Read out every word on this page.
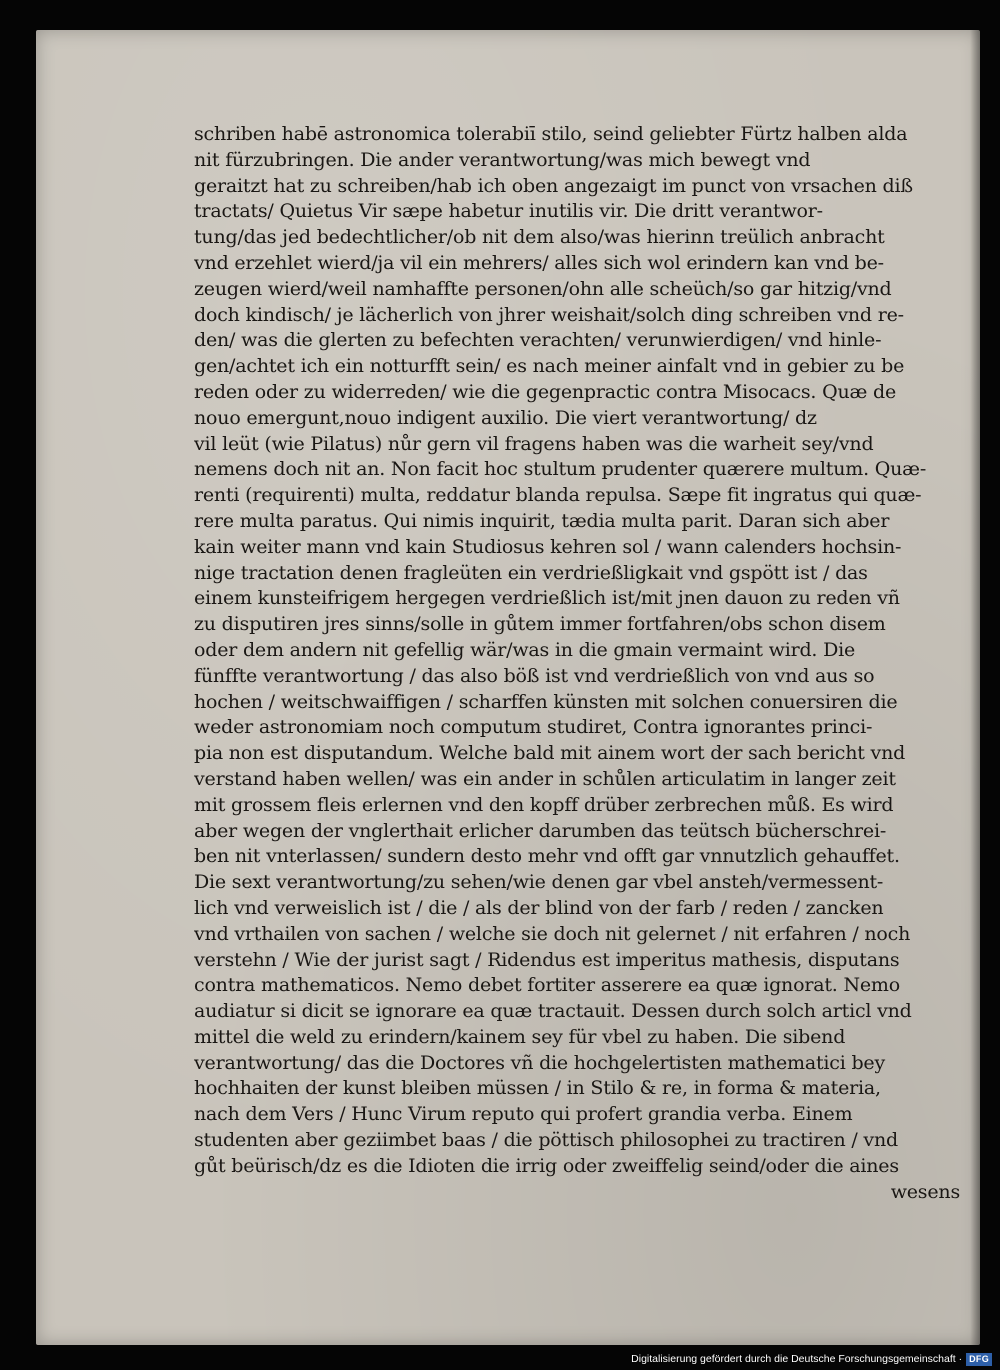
schriben habē astronomica tolerabiī stilo, seind geliebter Fürtz halben alda
nit fürzubringen. Die ander verantwortung/was mich bewegt vnd
geraitzt hat zu schreiben/hab ich oben angezaigt im punct von vrsachen diß
tractats/ Quietus Vir sæpe habetur inutilis vir. Die dritt verantwor-
tung/das jed bedechtlicher/ob nit dem also/was hierinn treülich anbracht
vnd erzehlet wierd/ja vil ein mehrers/ alles sich wol erindern kan vnd be-
zeugen wierd/weil namhaffte personen/ohn alle scheüch/so gar hitzig/vnd
doch kindisch/ je lächerlich von jhrer weishait/solch ding schreiben vnd re-
den/ was die glerten zu befechten verachten/ verunwierdigen/ vnd hinle-
gen/achtet ich ein notturfft sein/ es nach meiner ainfalt vnd in gebier zu be
reden oder zu widerreden/ wie die gegenpractic contra Misocacs. Quæ de
nouo emergunt,nouo indigent auxilio. Die viert verantwortung/ dz
vil leüt (wie Pilatus) nůr gern vil fragens haben was die warheit sey/vnd
nemens doch nit an. Non facit hoc stultum prudenter quærere multum. Quæ-
renti (requirenti) multa, reddatur blanda repulsa. Sæpe fit ingratus qui quæ-
rere multa paratus. Qui nimis inquirit, tædia multa parit. Daran sich aber
kain weiter mann vnd kain Studiosus kehren sol / wann calenders hochsin-
nige tractation denen fragleüten ein verdrießligkait vnd gspött ist / das
einem kunsteifrigem hergegen verdrießlich ist/mit jnen dauon zu reden vñ
zu disputiren jres sinns/solle in gůtem immer fortfahren/obs schon disem
oder dem andern nit gefellig wär/was in die gmain vermaint wird. Die
fünffte verantwortung / das also böß ist vnd verdrießlich von vnd aus so
hochen / weitschwaiffigen / scharffen künsten mit solchen conuersiren die
weder astronomiam noch computum studiret, Contra ignorantes princi-
pia non est disputandum. Welche bald mit ainem wort der sach bericht vnd
verstand haben wellen/ was ein ander in schůlen articulatim in langer zeit
mit grossem fleis erlernen vnd den kopff drüber zerbrechen můß. Es wird
aber wegen der vnglerthait erlicher darumben das teütsch bücherschrei-
ben nit vnterlassen/ sundern desto mehr vnd offt gar vnnutzlich gehauffet.
Die sext verantwortung/zu sehen/wie denen gar vbel ansteh/vermessent-
lich vnd verweislich ist / die / als der blind von der farb / reden / zancken
vnd vrthailen von sachen / welche sie doch nit gelernet / nit erfahren / noch
verstehn / Wie der jurist sagt / Ridendus est imperitus mathesis, disputans
contra mathematicos. Nemo debet fortiter asserere ea quæ ignorat. Nemo
audiatur si dicit se ignorare ea quæ tractauit. Dessen durch solch articl vnd
mittel die weld zu erindern/kainem sey für vbel zu haben. Die sibend
verantwortung/ das die Doctores vñ die hochgelertisten mathematici bey
hochhaiten der kunst bleiben müssen / in Stilo & re, in forma & materia,
nach dem Vers / Hunc Virum reputo qui profert grandia verba. Einem
studenten aber geziimbet baas / die pöttisch philosophei zu tractiren / vnd
gůt beürisch/dz es die Idioten die irrig oder zweiffelig seind/oder die aines
wesens
Digitalisierung gefördert durch die Deutsche Forschungsgemeinschaft · DFG
